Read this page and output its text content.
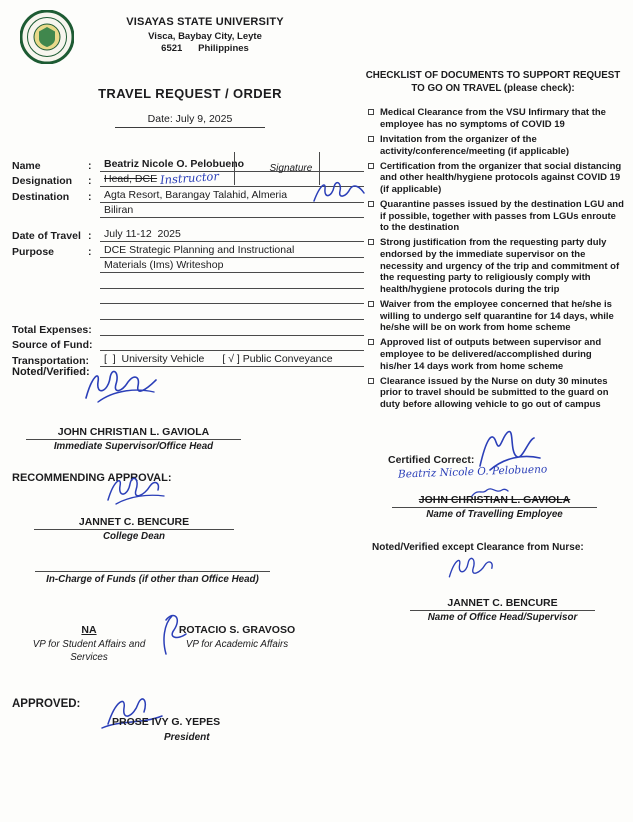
VISAYAS STATE UNIVERSITY
Visca, Baybay City, Leyte
6521      Philippines
TRAVEL REQUEST / ORDER
Date: July 9, 2025
Name	:	Beatriz Nicole O. Pelobueno
Designation	:	Head, DCE Instructor

Signature

Destination	:	Agta Resort, Barangay Talahid, Almeria
Biliran
Date of Travel :	July 11-12  2025
Purpose	:	DCE Strategic Planning and Instructional
Materials (Ims) Writeshop
Total Expenses:
Source of Fund:
Transportation:	[  ]  University Vehicle [ √ ] Public Conveyance
Noted/Verified:
JOHN CHRISTIAN L. GAVIOLA
Immediate Supervisor/Office Head
RECOMMENDING APPROVAL:
JANNET C. BENCURE
College Dean
In-Charge of Funds (if other than Office Head)
NA
VP for Student Affairs and
Services
ROTACIO S. GRAVOSO
VP for Academic Affairs
APPROVED:
PROSE IVY G. YEPES
President
CHECKLIST OF DOCUMENTS TO SUPPORT REQUEST
TO GO ON TRAVEL (please check):
Medical Clearance from the VSU Infirmary that the employee has no symptoms of COVID 19
Invitation from the organizer of the activity/conference/meeting (if applicable)
Certification from the organizer that social distancing and other health/hygiene protocols against COVID 19 (if applicable)
Quarantine passes issued by the destination LGU and if possible, together with passes from LGUs enroute to the destination
Strong justification from the requesting party duly endorsed by the immediate supervisor on the necessity and urgency of the trip and commitment of the requesting party to religiously comply with health/hygiene protocols during the trip
Waiver from the employee concerned that he/she is willing to undergo self quarantine for 14 days, while he/she will be on work from home scheme
Approved list of outputs between supervisor and employee to be delivered/accomplished during his/her 14 days work from home scheme
Clearance issued by the Nurse on duty 30 minutes prior to travel should be submitted to the guard on duty before allowing vehicle to go out of campus
Certified Correct:
Beatriz Nicole O. Pelobueno
JOHN CHRISTIAN L. GAVIOLA
Name of Travelling Employee
Noted/Verified except Clearance from Nurse:
JANNET C. BENCURE
Name of Office Head/Supervisor
